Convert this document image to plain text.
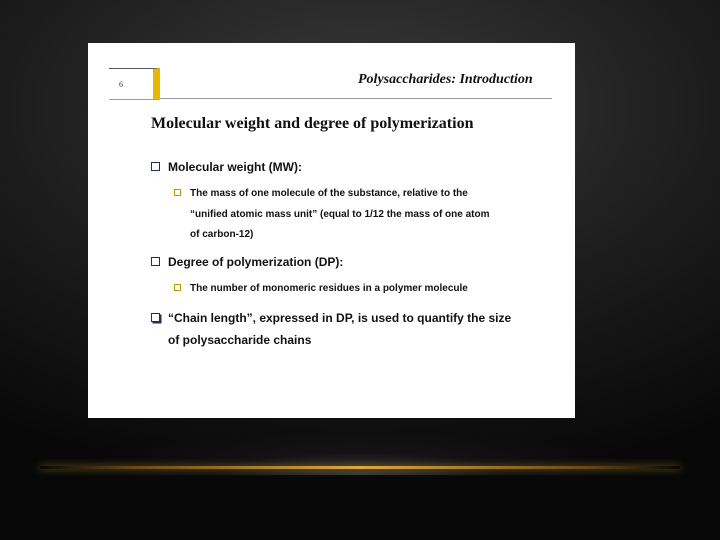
6	Polysaccharides: Introduction
Molecular weight and degree of polymerization
Molecular weight (MW):
The mass of one molecule of the substance, relative to the
“unified atomic mass unit” (equal to 1/12 the mass of one atom
of carbon-12)
Degree of polymerization (DP):
The number of monomeric residues in a polymer molecule
“Chain length”, expressed in DP, is used to quantify the size
of polysaccharide chains
